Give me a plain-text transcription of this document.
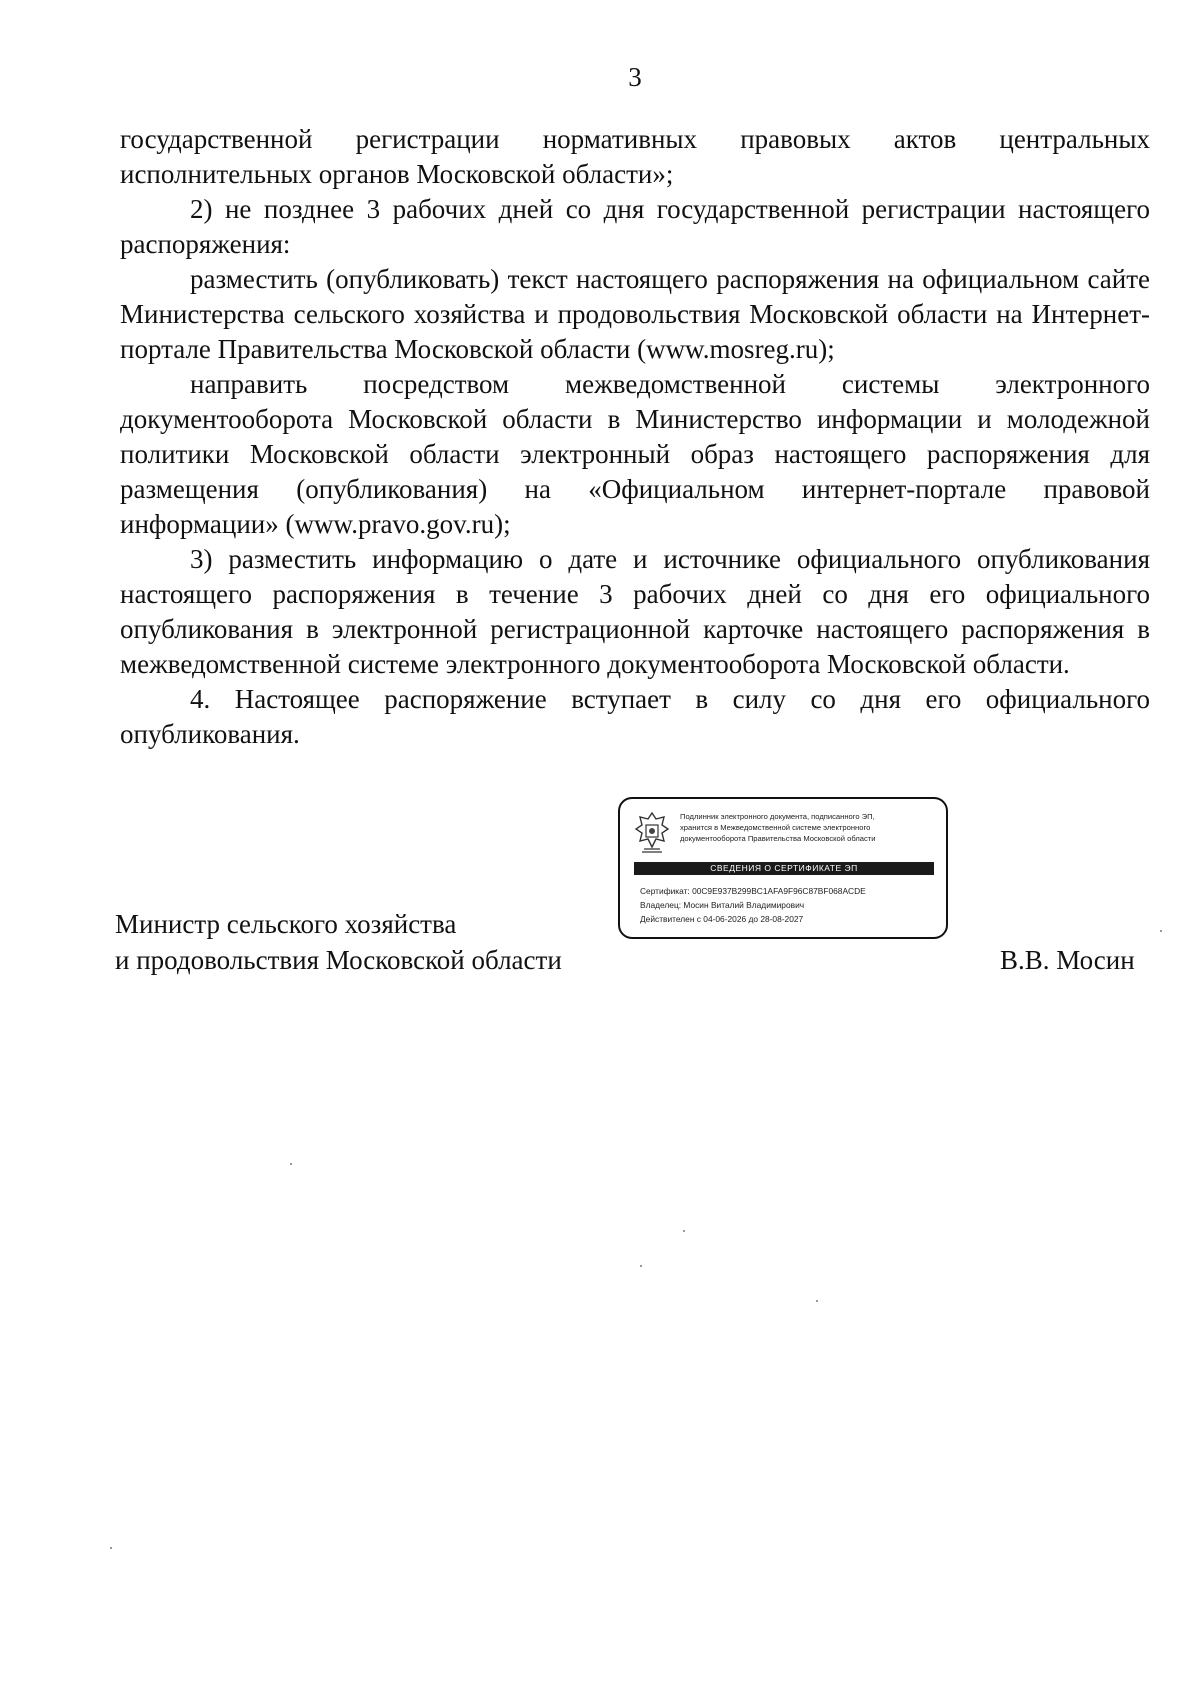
3

государственной регистрации нормативных правовых актов центральных исполнительных органов Московской области»;

2) не позднее 3 рабочих дней со дня государственной регистрации настоящего распоряжения:

разместить (опубликовать) текст настоящего распоряжения на официальном сайте Министерства сельского хозяйства и продовольствия Московской области на Интернет-портале Правительства Московской области (www.mosreg.ru);

направить посредством межведомственной системы электронного документооборота Московской области в Министерство информации и молодежной политики Московской области электронный образ настоящего распоряжения для размещения (опубликования) на «Официальном интернет-портале правовой информации» (www.pravo.gov.ru);

3) разместить информацию о дате и источнике официального опубликования настоящего распоряжения в течение 3 рабочих дней со дня его официального опубликования в электронной регистрационной карточке настоящего распоряжения в межведомственной системе электронного документооборота Московской области.

4. Настоящее распоряжение вступает в силу со дня его официального опубликования.

Подлинник электронного документа, подписанного ЭП,
хранится в Межведомственной системе электронного
документооборота Правительства Московской области
СВЕДЕНИЯ О СЕРТИФИКАТЕ ЭП
Сертификат: 00C9E937B299BC1AFA9F96C87BF068ACDE
Владелец: Мосин Виталий Владимирович
Действителен с 04-06-2026 до 28-08-2027
Министр сельского хозяйства
и продовольствия Московской области	В.В. Мосин
